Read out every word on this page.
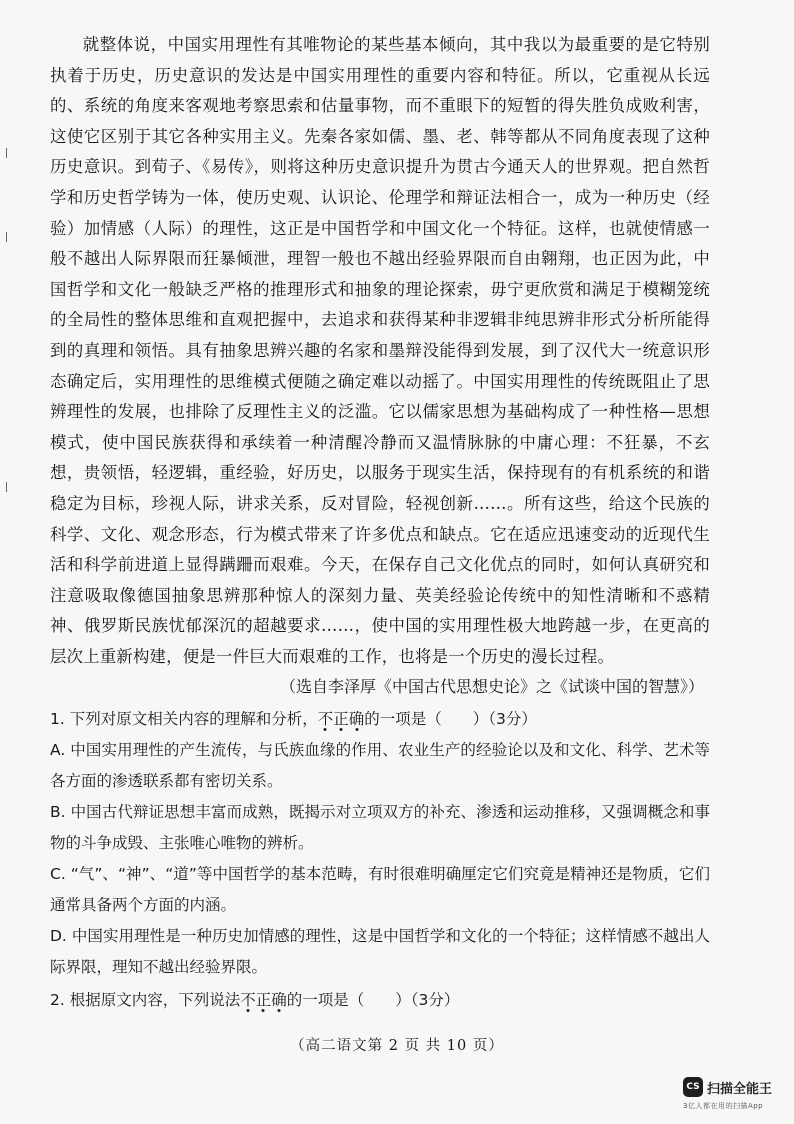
就整体说，中国实用理性有其唯物论的某些基本倾向，其中我以为最重要的是它特别执着于历史，历史意识的发达是中国实用理性的重要内容和特征。所以，它重视从长远的、系统的角度来客观地考察思索和估量事物，而不重眼下的短暂的得失胜负成败利害，这使它区别于其它各种实用主义。先秦各家如儒、墨、老、韩等都从不同角度表现了这种历史意识。到荀子、《易传》，则将这种历史意识提升为贯古今通天人的世界观。把自然哲学和历史哲学铸为一体，使历史观、认识论、伦理学和辩证法相合一，成为一种历史（经验）加情感（人际）的理性，这正是中国哲学和中国文化一个特征。这样，也就使情感一般不越出人际界限而狂暴倾泄，理智一般也不越出经验界限而自由翱翔，也正因为此，中国哲学和文化一般缺乏严格的推理形式和抽象的理论探索，毋宁更欣赏和满足于模糊笼统的全局性的整体思维和直观把握中，去追求和获得某种非逻辑非纯思辨非形式分析所能得到的真理和领悟。具有抽象思辨兴趣的名家和墨辩没能得到发展，到了汉代大一统意识形态确定后，实用理性的思维模式便随之确定难以动摇了。中国实用理性的传统既阻止了思辨理性的发展，也排除了反理性主义的泛滥。它以儒家思想为基础构成了一种性格—思想模式，使中国民族获得和承续着一种清醒冷静而又温情脉脉的中庸心理：不狂暴，不玄想，贵领悟，轻逻辑，重经验，好历史，以服务于现实生活，保持现有的有机系统的和谐稳定为目标，珍视人际，讲求关系，反对冒险，轻视创新……。所有这些，给这个民族的科学、文化、观念形态，行为模式带来了许多优点和缺点。它在适应迅速变动的近现代生活和科学前进道上显得蹒跚而艰难。今天，在保存自己文化优点的同时，如何认真研究和注意吸取像德国抽象思辨那种惊人的深刻力量、英美经验论传统中的知性清晰和不惑精神、俄罗斯民族忧郁深沉的超越要求……，使中国的实用理性极大地跨越一步，在更高的层次上重新构建，便是一件巨大而艰难的工作，也将是一个历史的漫长过程。

（选自李泽厚《中国古代思想史论》之《试谈中国的智慧》）
1. 下列对原文相关内容的理解和分析，不正确的一项是（　　）（3分）
A. 中国实用理性的产生流传，与氏族血缘的作用、农业生产的经验论以及和文化、科学、艺术等各方面的渗透联系都有密切关系。
B. 中国古代辩证思想丰富而成熟，既揭示对立项双方的补充、渗透和运动推移，又强调概念和事物的斗争成毁、主张唯心唯物的辨析。
C. “气”、“神”、“道”等中国哲学的基本范畴，有时很难明确厘定它们究竟是精神还是物质，它们通常具备两个方面的内涵。
D. 中国实用理性是一种历史加情感的理性，这是中国哲学和文化的一个特征；这样情感不越出人际界限，理知不越出经验界限。
2. 根据原文内容，下列说法不正确的一项是（　　）（3分）
（高二语文第 2 页 共 10 页）
CS 扫描全能王
3亿人都在用的扫描App
